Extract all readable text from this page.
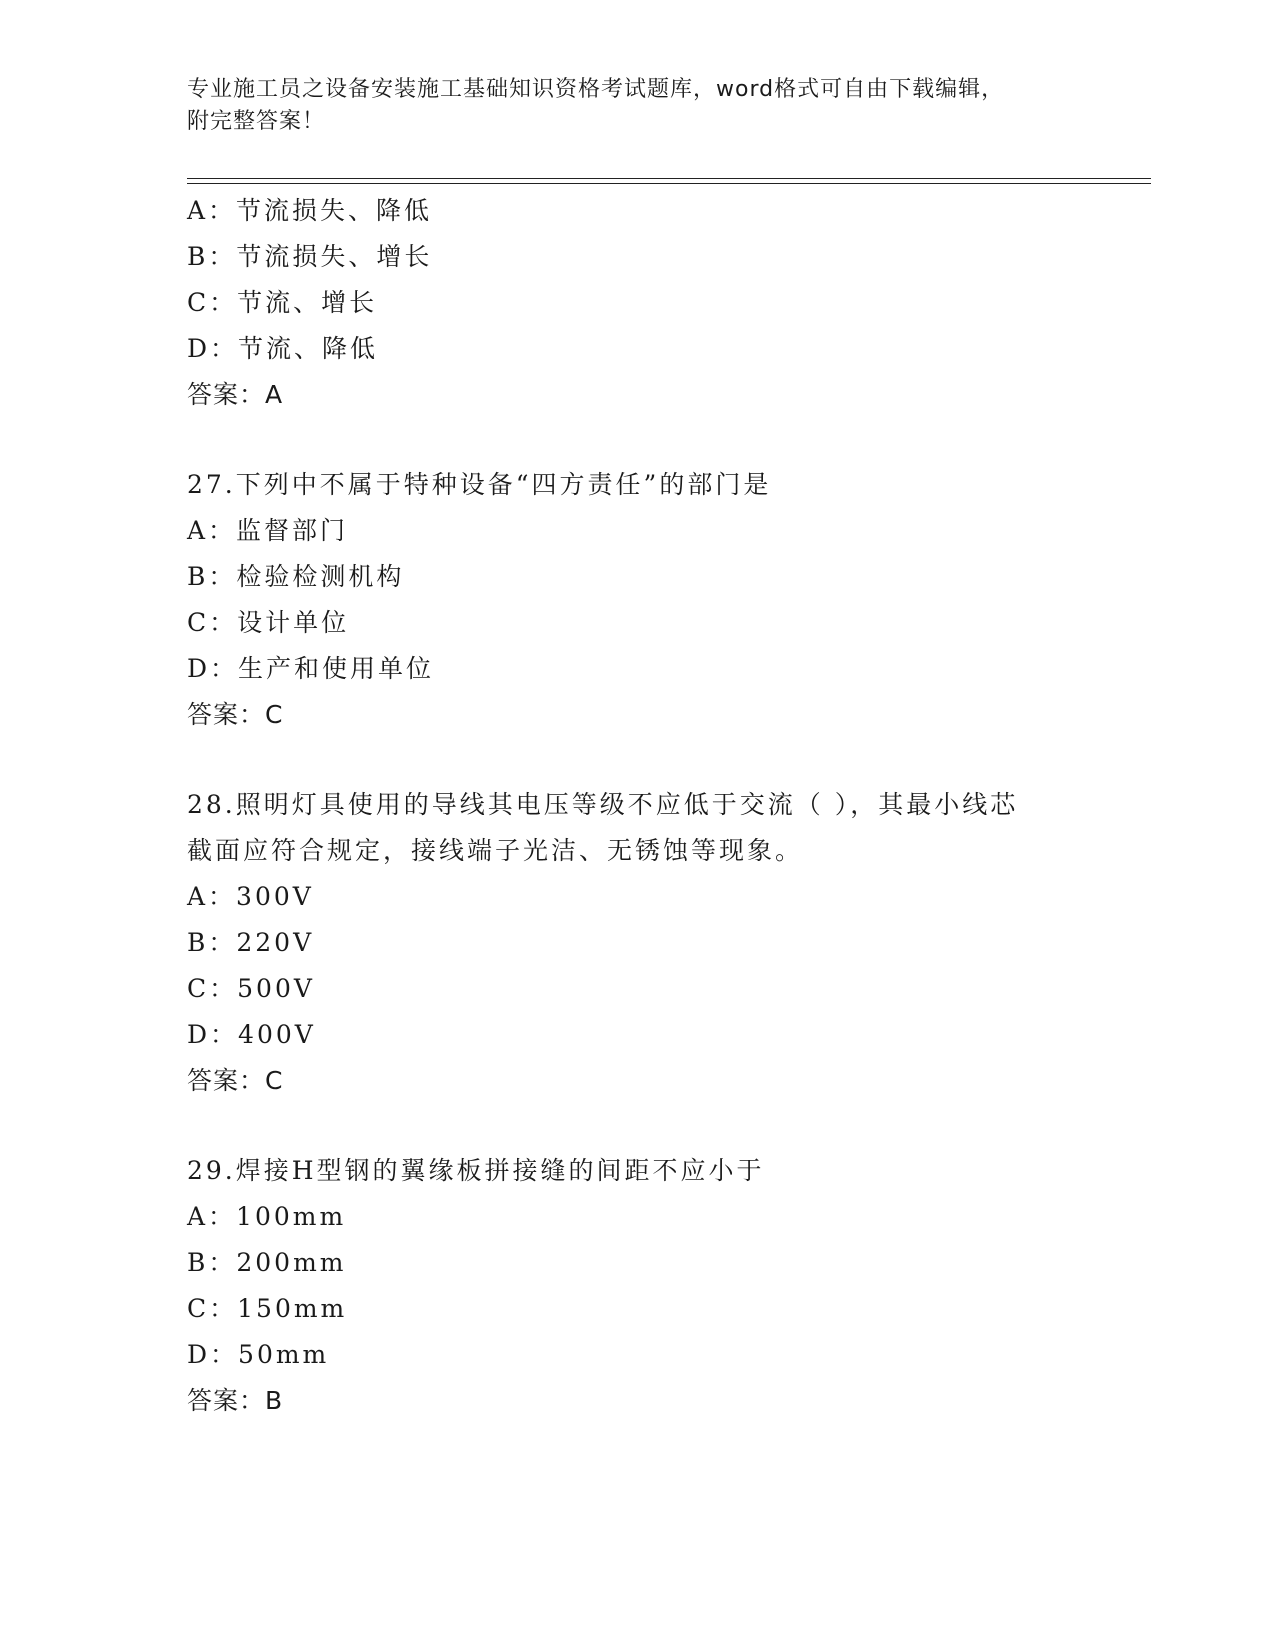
专业施工员之设备安装施工基础知识资格考试题库，word格式可自由下载编辑，
附完整答案！
A：节流损失、降低
B：节流损失、增长
C：节流、增长
D：节流、降低
答案：A
27.下列中不属于特种设备“四方责任”的部门是
A：监督部门
B：检验检测机构
C：设计单位
D：生产和使用单位
答案：C
28.照明灯具使用的导线其电压等级不应低于交流（ ），其最小线芯
截面应符合规定，接线端子光洁、无锈蚀等现象。
A：300V
B：220V
C：500V
D：400V
答案：C
29.焊接H型钢的翼缘板拼接缝的间距不应小于
A：100mm
B：200mm
C：150mm
D：50mm
答案：B
